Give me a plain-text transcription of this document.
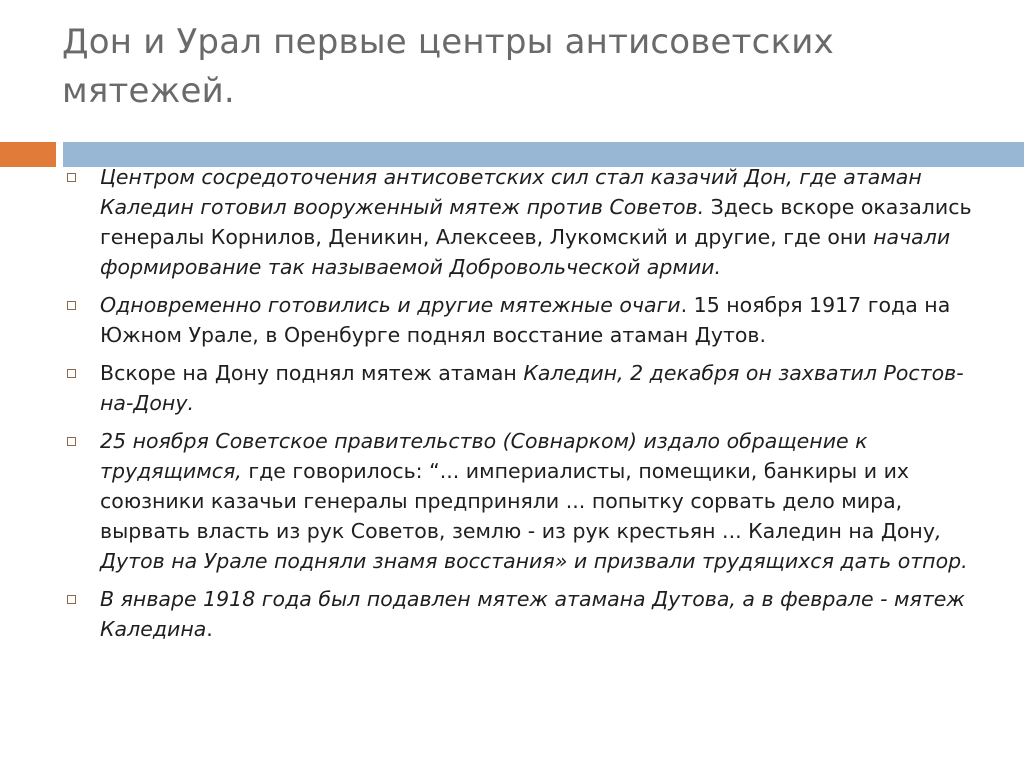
Дон и Урал первые центры антисоветских мятежей.
Центром сосредоточения антисоветских сил стал казачий Дон, где атаман Каледин готовил вооруженный мятеж против Советов. Здесь вскоре оказались генералы Корнилов, Деникин, Алексеев, Лукомский и другие, где они начали формирование так называемой Добровольческой армии.
Одновременно готовились и другие мятежные очаги. 15 ноября 1917 года на Южном Урале, в Оренбурге поднял восстание атаман Дутов.
Вскоре на Дону поднял мятеж атаман Каледин, 2 декабря он захватил Ростов-на-Дону.
25 ноября Советское правительство (Совнарком) издало обращение к трудящимся, где говорилось: “... империалисты, помещики, банкиры и их союзники казачьи генералы предприняли ... попытку сорвать дело мира, вырвать власть из рук Советов, землю - из рук крестьян ... Каледин на Дону, Дутов на Урале подняли знамя восстания» и призвали трудящихся дать отпор.
В январе 1918 года был подавлен мятеж атамана Дутова, а в феврале - мятеж Каледина.
